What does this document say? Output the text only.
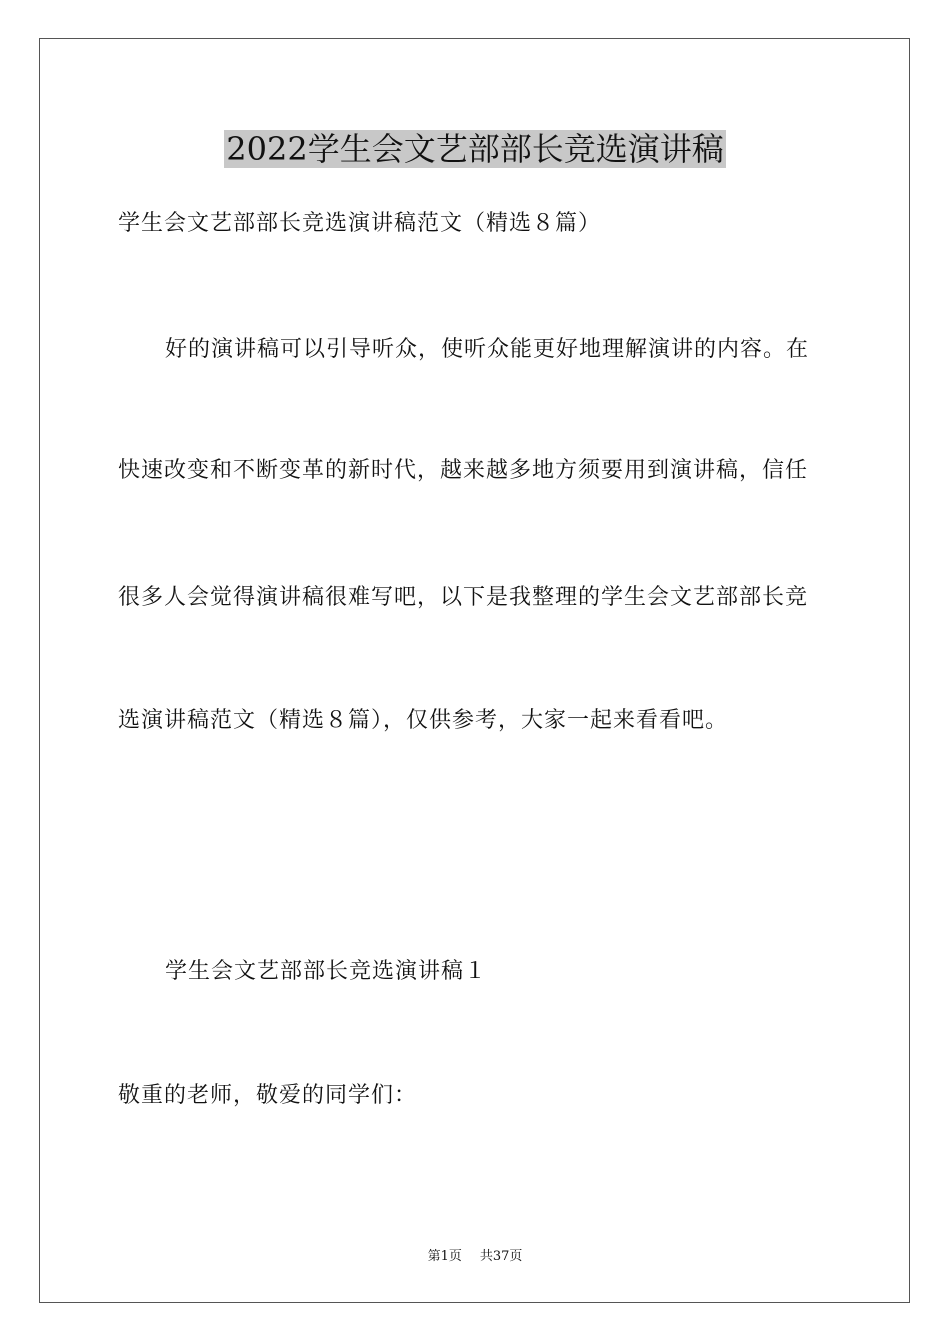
2022学生会文艺部部长竞选演讲稿
学生会文艺部部长竞选演讲稿范文（精选８篇）
好的演讲稿可以引导听众，使听众能更好地理解演讲的内容。在
快速改变和不断变革的新时代，越来越多地方须要用到演讲稿，信任
很多人会觉得演讲稿很难写吧，以下是我整理的学生会文艺部部长竞
选演讲稿范文（精选８篇），仅供参考，大家一起来看看吧。
学生会文艺部部长竞选演讲稿１
敬重的老师，敬爱的同学们：
第1页 共37页
